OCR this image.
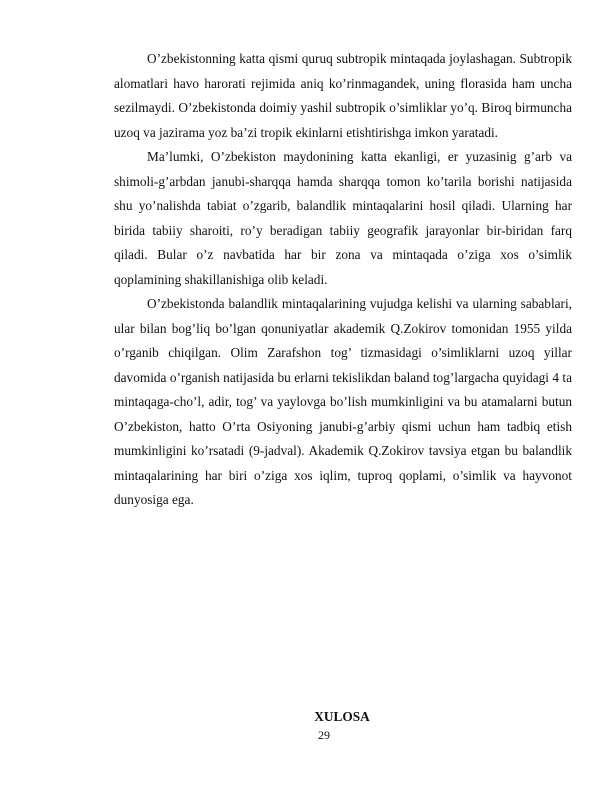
O’zbekistonning katta qismi quruq subtropik mintaqada joylashagan. Subtropik alomatlari havo harorati rejimida aniq ko’rinmagandek, uning florasida ham uncha sezilmaydi. O’zbekistonda doimiy yashil subtropik o’simliklar yo’q. Biroq birmuncha uzoq va jazirama yoz ba’zi tropik ekinlarni etishtirishga imkon yaratadi.

Ma’lumki, O’zbekiston maydonining katta ekanligi, er yuzasinig g’arb va shimoli-g’arbdan janubi-sharqqa hamda sharqqa tomon ko’tarila borishi natijasida shu yo’nalishda tabiat o’zgarib, balandlik mintaqalarini hosil qiladi. Ularning har birida tabiiy sharoiti, ro’y beradigan tabiiy geografik jarayonlar bir-biridan farq qiladi. Bular o’z navbatida har bir zona va mintaqada o’ziga xos o’simlik qoplamining shakillanishiga olib keladi.

O’zbekistonda balandlik mintaqalarining vujudga kelishi va ularning sabablari, ular bilan bog’liq bo’lgan qonuniyatlar akademik Q.Zokirov tomonidan 1955 yilda o’rganib chiqilgan. Olim Zarafshon tog’ tizmasidagi o’simliklarni uzoq yillar davomida o’rganish natijasida bu erlarni tekislikdan baland tog’largacha quyidagi 4 ta mintaqaga-cho’l, adir, tog’ va yaylovga bo’lish mumkinligini va bu atamalarni butun O’zbekiston, hatto O’rta Osiyoning janubi-g’arbiy qismi uchun ham tadbiq etish mumkinligini ko’rsatadi (9-jadval). Akademik Q.Zokirov tavsiya etgan bu balandlik mintaqalarining har biri o’ziga xos iqlim, tuproq qoplami, o’simlik va hayvonot dunyosiga ega.

XULOSA
29
